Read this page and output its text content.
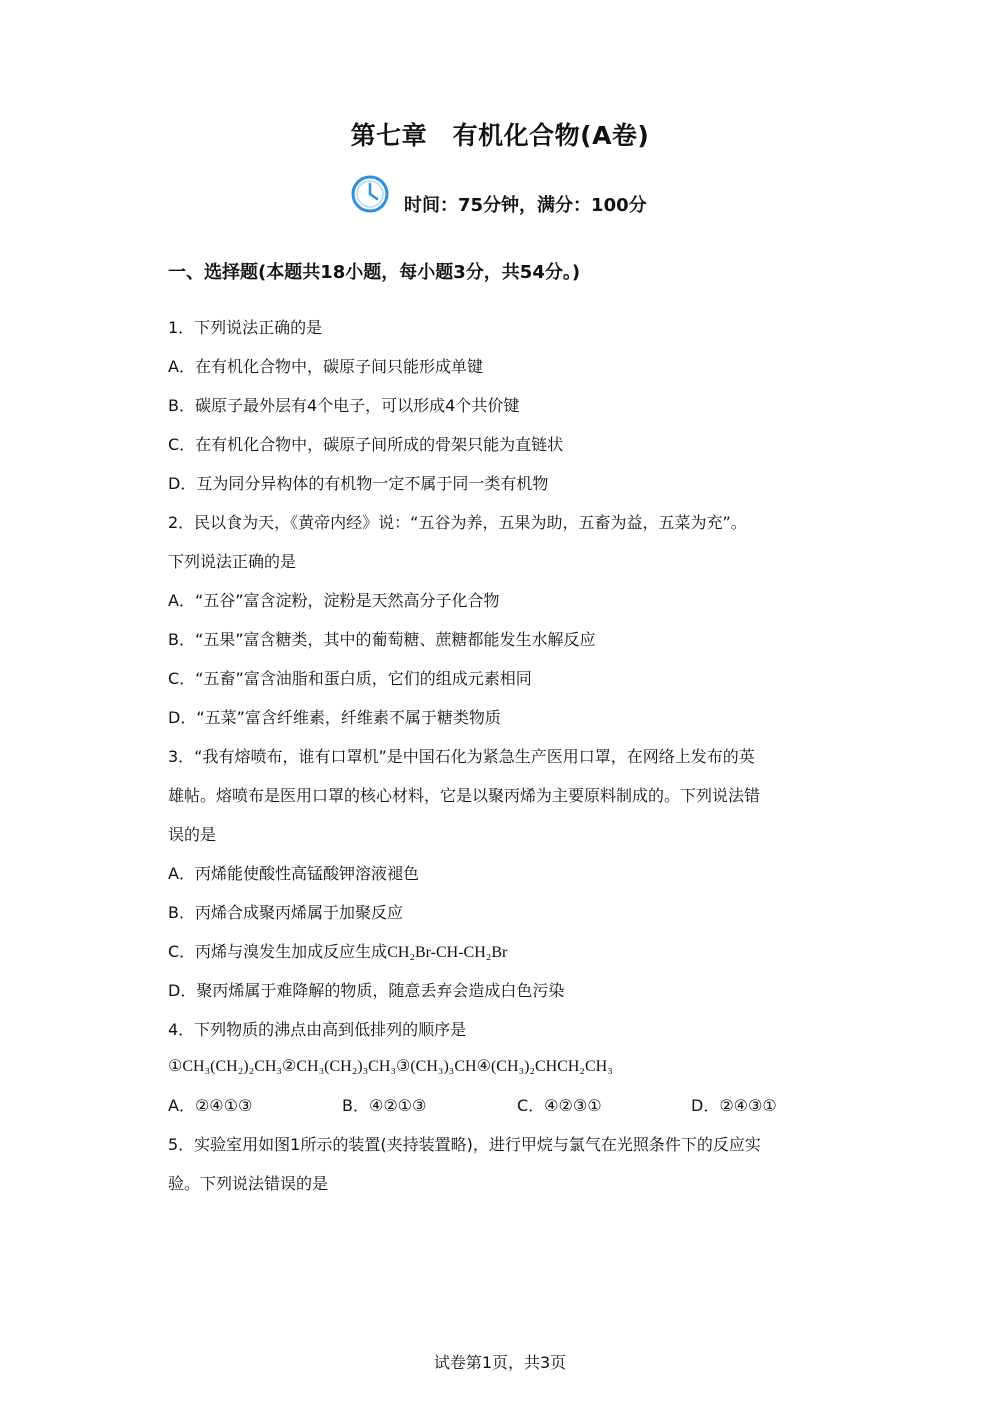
第七章　有机化合物(A卷)
时间：75分钟，满分：100分
一、选择题(本题共18小题，每小题3分，共54分。)
1．下列说法正确的是
A．在有机化合物中，碳原子间只能形成单键
B．碳原子最外层有4个电子，可以形成4个共价键
C．在有机化合物中，碳原子间所成的骨架只能为直链状
D．互为同分异构体的有机物一定不属于同一类有机物
2．民以食为天，《黄帝内经》说：“五谷为养，五果为助，五畜为益，五菜为充”。
下列说法正确的是
A．“五谷”富含淀粉，淀粉是天然高分子化合物
B．“五果”富含糖类，其中的葡萄糖、蔗糖都能发生水解反应
C．“五畜”富含油脂和蛋白质，它们的组成元素相同
D．“五菜”富含纤维素，纤维素不属于糖类物质
3．“我有熔喷布，谁有口罩机”是中国石化为紧急生产医用口罩，在网络上发布的英
雄帖。熔喷布是医用口罩的核心材料，它是以聚丙烯为主要原料制成的。下列说法错
误的是
A．丙烯能使酸性高锰酸钾溶液褪色
B．丙烯合成聚丙烯属于加聚反应
C．丙烯与溴发生加成反应生成CH₂Br-CH-CH₂Br
D．聚丙烯属于难降解的物质，随意丢弃会造成白色污染
4．下列物质的沸点由高到低排列的顺序是
①CH₃(CH₂)₂CH₃②CH₃(CH₂)₃CH₃③(CH₃)₃CH④(CH₃)₂CHCH₂CH₃
A．②④①③	B．④②①③	C．④②③①	D．②④③①
5．实验室用如图1所示的装置(夹持装置略)，进行甲烷与氯气在光照条件下的反应实
验。下列说法错误的是
试卷第1页，共3页
